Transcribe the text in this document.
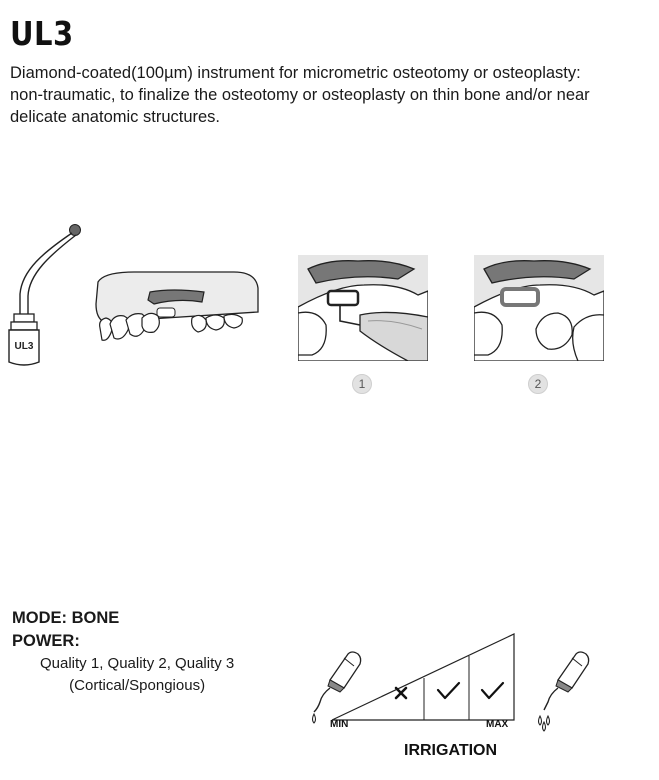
UL3

Diamond-coated(100µm) instrument for micrometric osteotomy or osteoplasty: non-traumatic, to finalize the osteotomy or osteoplasty on thin bone and/or near delicate anatomic structures.

UL3
1	2

MODE: BONE

POWER:

Quality 1, Quality 2, Quality 3
(Cortical/Spongious)
MIN	MAX
IRRIGATION
